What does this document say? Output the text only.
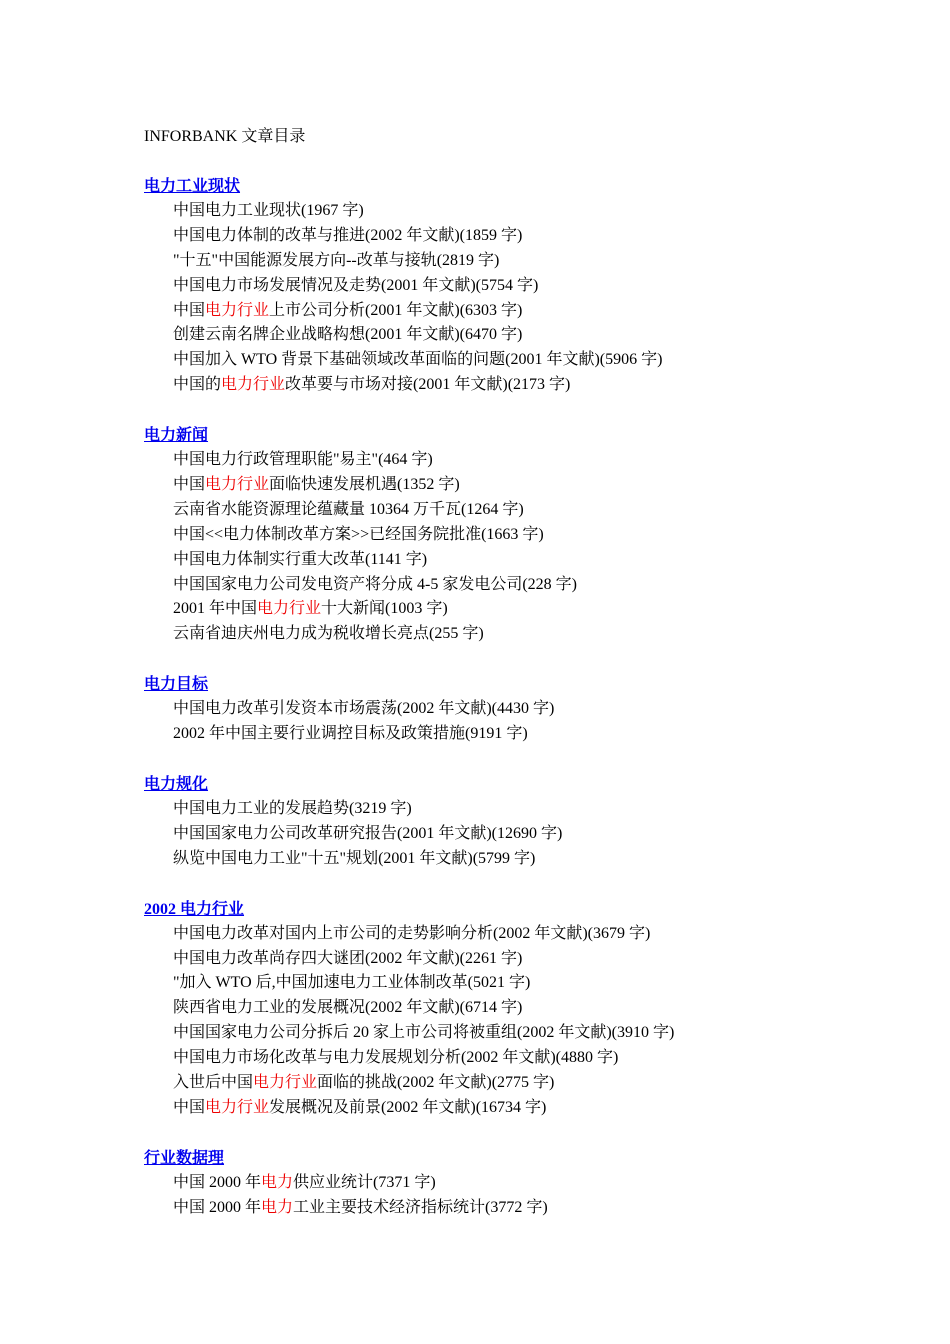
INFORBANK 文章目录
电力工业现状
中国电力工业现状(1967 字)
中国电力体制的改革与推进(2002 年文献)(1859 字)
"十五"中国能源发展方向--改革与接轨(2819 字)
中国电力市场发展情况及走势(2001 年文献)(5754 字)
中国电力行业上市公司分析(2001 年文献)(6303 字)
创建云南名牌企业战略构想(2001 年文献)(6470 字)
中国加入 WTO 背景下基础领域改革面临的问题(2001 年文献)(5906 字)
中国的电力行业改革要与市场对接(2001 年文献)(2173 字)
电力新闻
中国电力行政管理职能"易主"(464 字)
中国电力行业面临快速发展机遇(1352 字)
云南省水能资源理论蕴藏量 10364 万千瓦(1264 字)
中国<<电力体制改革方案>>已经国务院批准(1663 字)
中国电力体制实行重大改革(1141 字)
中国国家电力公司发电资产将分成 4-5 家发电公司(228 字)
2001 年中国电力行业十大新闻(1003 字)
云南省迪庆州电力成为税收增长亮点(255 字)
电力目标
中国电力改革引发资本市场震荡(2002 年文献)(4430 字)
2002 年中国主要行业调控目标及政策措施(9191 字)
电力规化
中国电力工业的发展趋势(3219 字)
中国国家电力公司改革研究报告(2001 年文献)(12690 字)
纵览中国电力工业"十五"规划(2001 年文献)(5799 字)
2002 电力行业
中国电力改革对国内上市公司的走势影响分析(2002 年文献)(3679 字)
中国电力改革尚存四大谜团(2002 年文献)(2261 字)
"加入 WTO 后,中国加速电力工业体制改革(5021 字)
陕西省电力工业的发展概况(2002 年文献)(6714 字)
中国国家电力公司分拆后 20 家上市公司将被重组(2002 年文献)(3910 字)
中国电力市场化改革与电力发展规划分析(2002 年文献)(4880 字)
入世后中国电力行业面临的挑战(2002 年文献)(2775 字)
中国电力行业发展概况及前景(2002 年文献)(16734 字)
行业数据理
中国 2000 年电力供应业统计(7371 字)
中国 2000 年电力工业主要技术经济指标统计(3772 字)
